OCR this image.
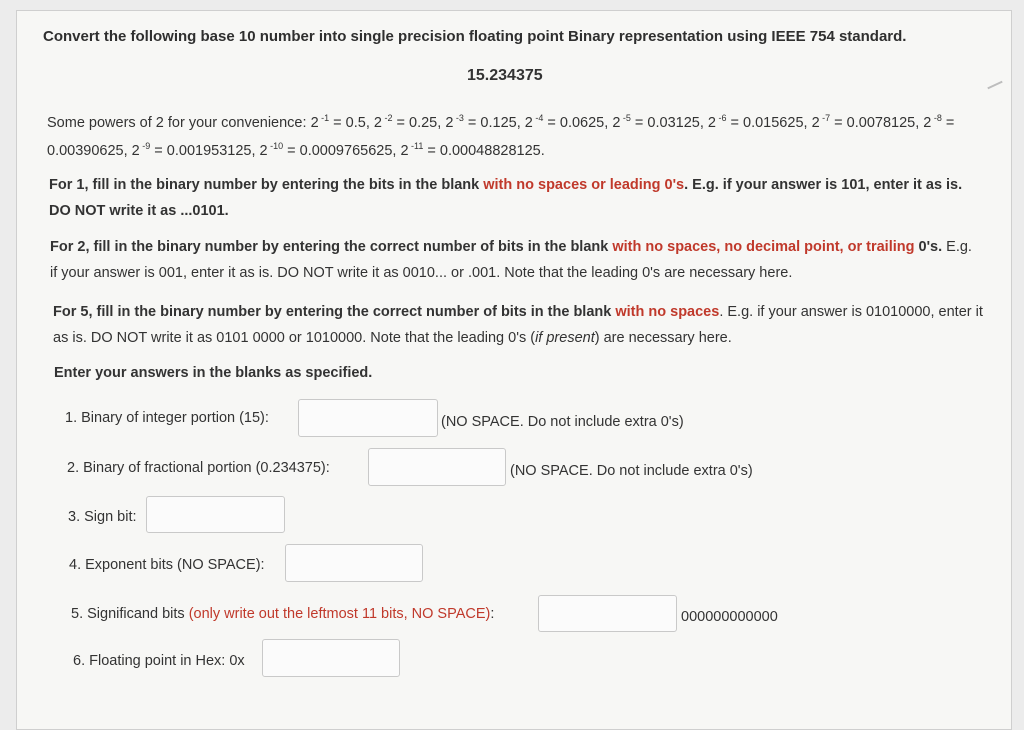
Convert the following base 10 number into single precision floating point Binary representation using IEEE 754 standard.
15.234375
Some powers of 2 for your convenience: 2 $^{-1}$ = 0.5, 2 $^{-2}$ = 0.25, 2 $^{-3}$ = 0.125, 2 $^{-4}$ = 0.0625, 2 $^{-5}$ = 0.03125, 2 $^{-6}$ = 0.015625, 2 $^{-7}$ = 0.0078125, 2 $^{-8}$ = 0.00390625, 2 $^{-9}$ = 0.001953125, 2 $^{-10}$ = 0.0009765625, 2 $^{-11}$ = 0.00048828125.
For 1, fill in the binary number by entering the bits in the blank with no spaces or leading 0's. E.g. if your answer is 101, enter it as is. DO NOT write it as ...0101.
For 2, fill in the binary number by entering the correct number of bits in the blank with no spaces, no decimal point, or trailing 0's. E.g. if your answer is 001, enter it as is. DO NOT write it as 0010... or .001. Note that the leading 0's are necessary here.
For 5, fill in the binary number by entering the correct number of bits in the blank with no spaces. E.g. if your answer is 01010000, enter it as is. DO NOT write it as 0101 0000 or 1010000. Note that the leading 0's (if present) are necessary here.
Enter your answers in the blanks as specified.
1. Binary of integer portion (15):	(NO SPACE. Do not include extra 0's)
2. Binary of fractional portion (0.234375):	(NO SPACE. Do not include extra 0's)
3. Sign bit:
4. Exponent bits (NO SPACE):
5. Significand bits (only write out the leftmost 11 bits, NO SPACE):	000000000000
6. Floating point in Hex: 0x
